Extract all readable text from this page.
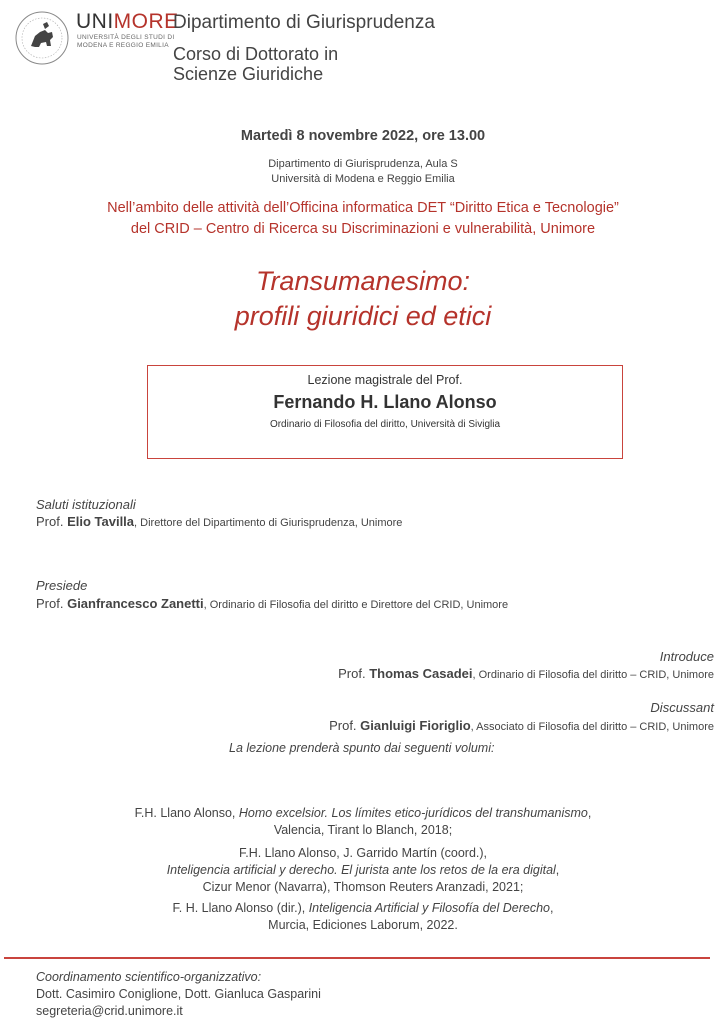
UNIMORE
UNIVERSITÀ DEGLI STUDI DI
MODENA E REGGIO EMILIA
Dipartimento di Giurisprudenza
Corso di Dottorato in
Scienze Giuridiche
Martedì 8 novembre 2022, ore 13.00
Dipartimento di Giurisprudenza, Aula S
Università di Modena e Reggio Emilia
Nell’ambito delle attività dell’Officina informatica DET “Diritto Etica e Tecnologie”
del CRID – Centro di Ricerca su Discriminazioni e vulnerabilità, Unimore
Transumanesimo:
profili giuridici ed etici
Lezione magistrale del Prof.
Fernando H. Llano Alonso
Ordinario di Filosofia del diritto, Università di Siviglia
Saluti istituzionali
Prof. Elio Tavilla, Direttore del Dipartimento di Giurisprudenza, Unimore
Presiede
Prof. Gianfrancesco Zanetti, Ordinario di Filosofia del diritto e Direttore del CRID, Unimore
Introduce
Prof. Thomas Casadei, Ordinario di Filosofia del diritto – CRID, Unimore
Discussant
Prof. Gianluigi Fioriglio, Associato di Filosofia del diritto – CRID, Unimore
La lezione prenderà spunto dai seguenti volumi:
F.H. Llano Alonso, Homo excelsior. Los límites etico-jurídicos del transhumanismo,
Valencia, Tirant lo Blanch, 2018;
F.H. Llano Alonso, J. Garrido Martín (coord.),
Inteligencia artificial y derecho. El jurista ante los retos de la era digital,
Cizur Menor (Navarra), Thomson Reuters Aranzadi, 2021;
F. H. Llano Alonso (dir.), Inteligencia Artificial y Filosofía del Derecho,
Murcia, Ediciones Laborum, 2022.
Coordinamento scientifico-organizzativo:
Dott. Casimiro Coniglione, Dott. Gianluca Gasparini
segreteria@crid.unimore.it
